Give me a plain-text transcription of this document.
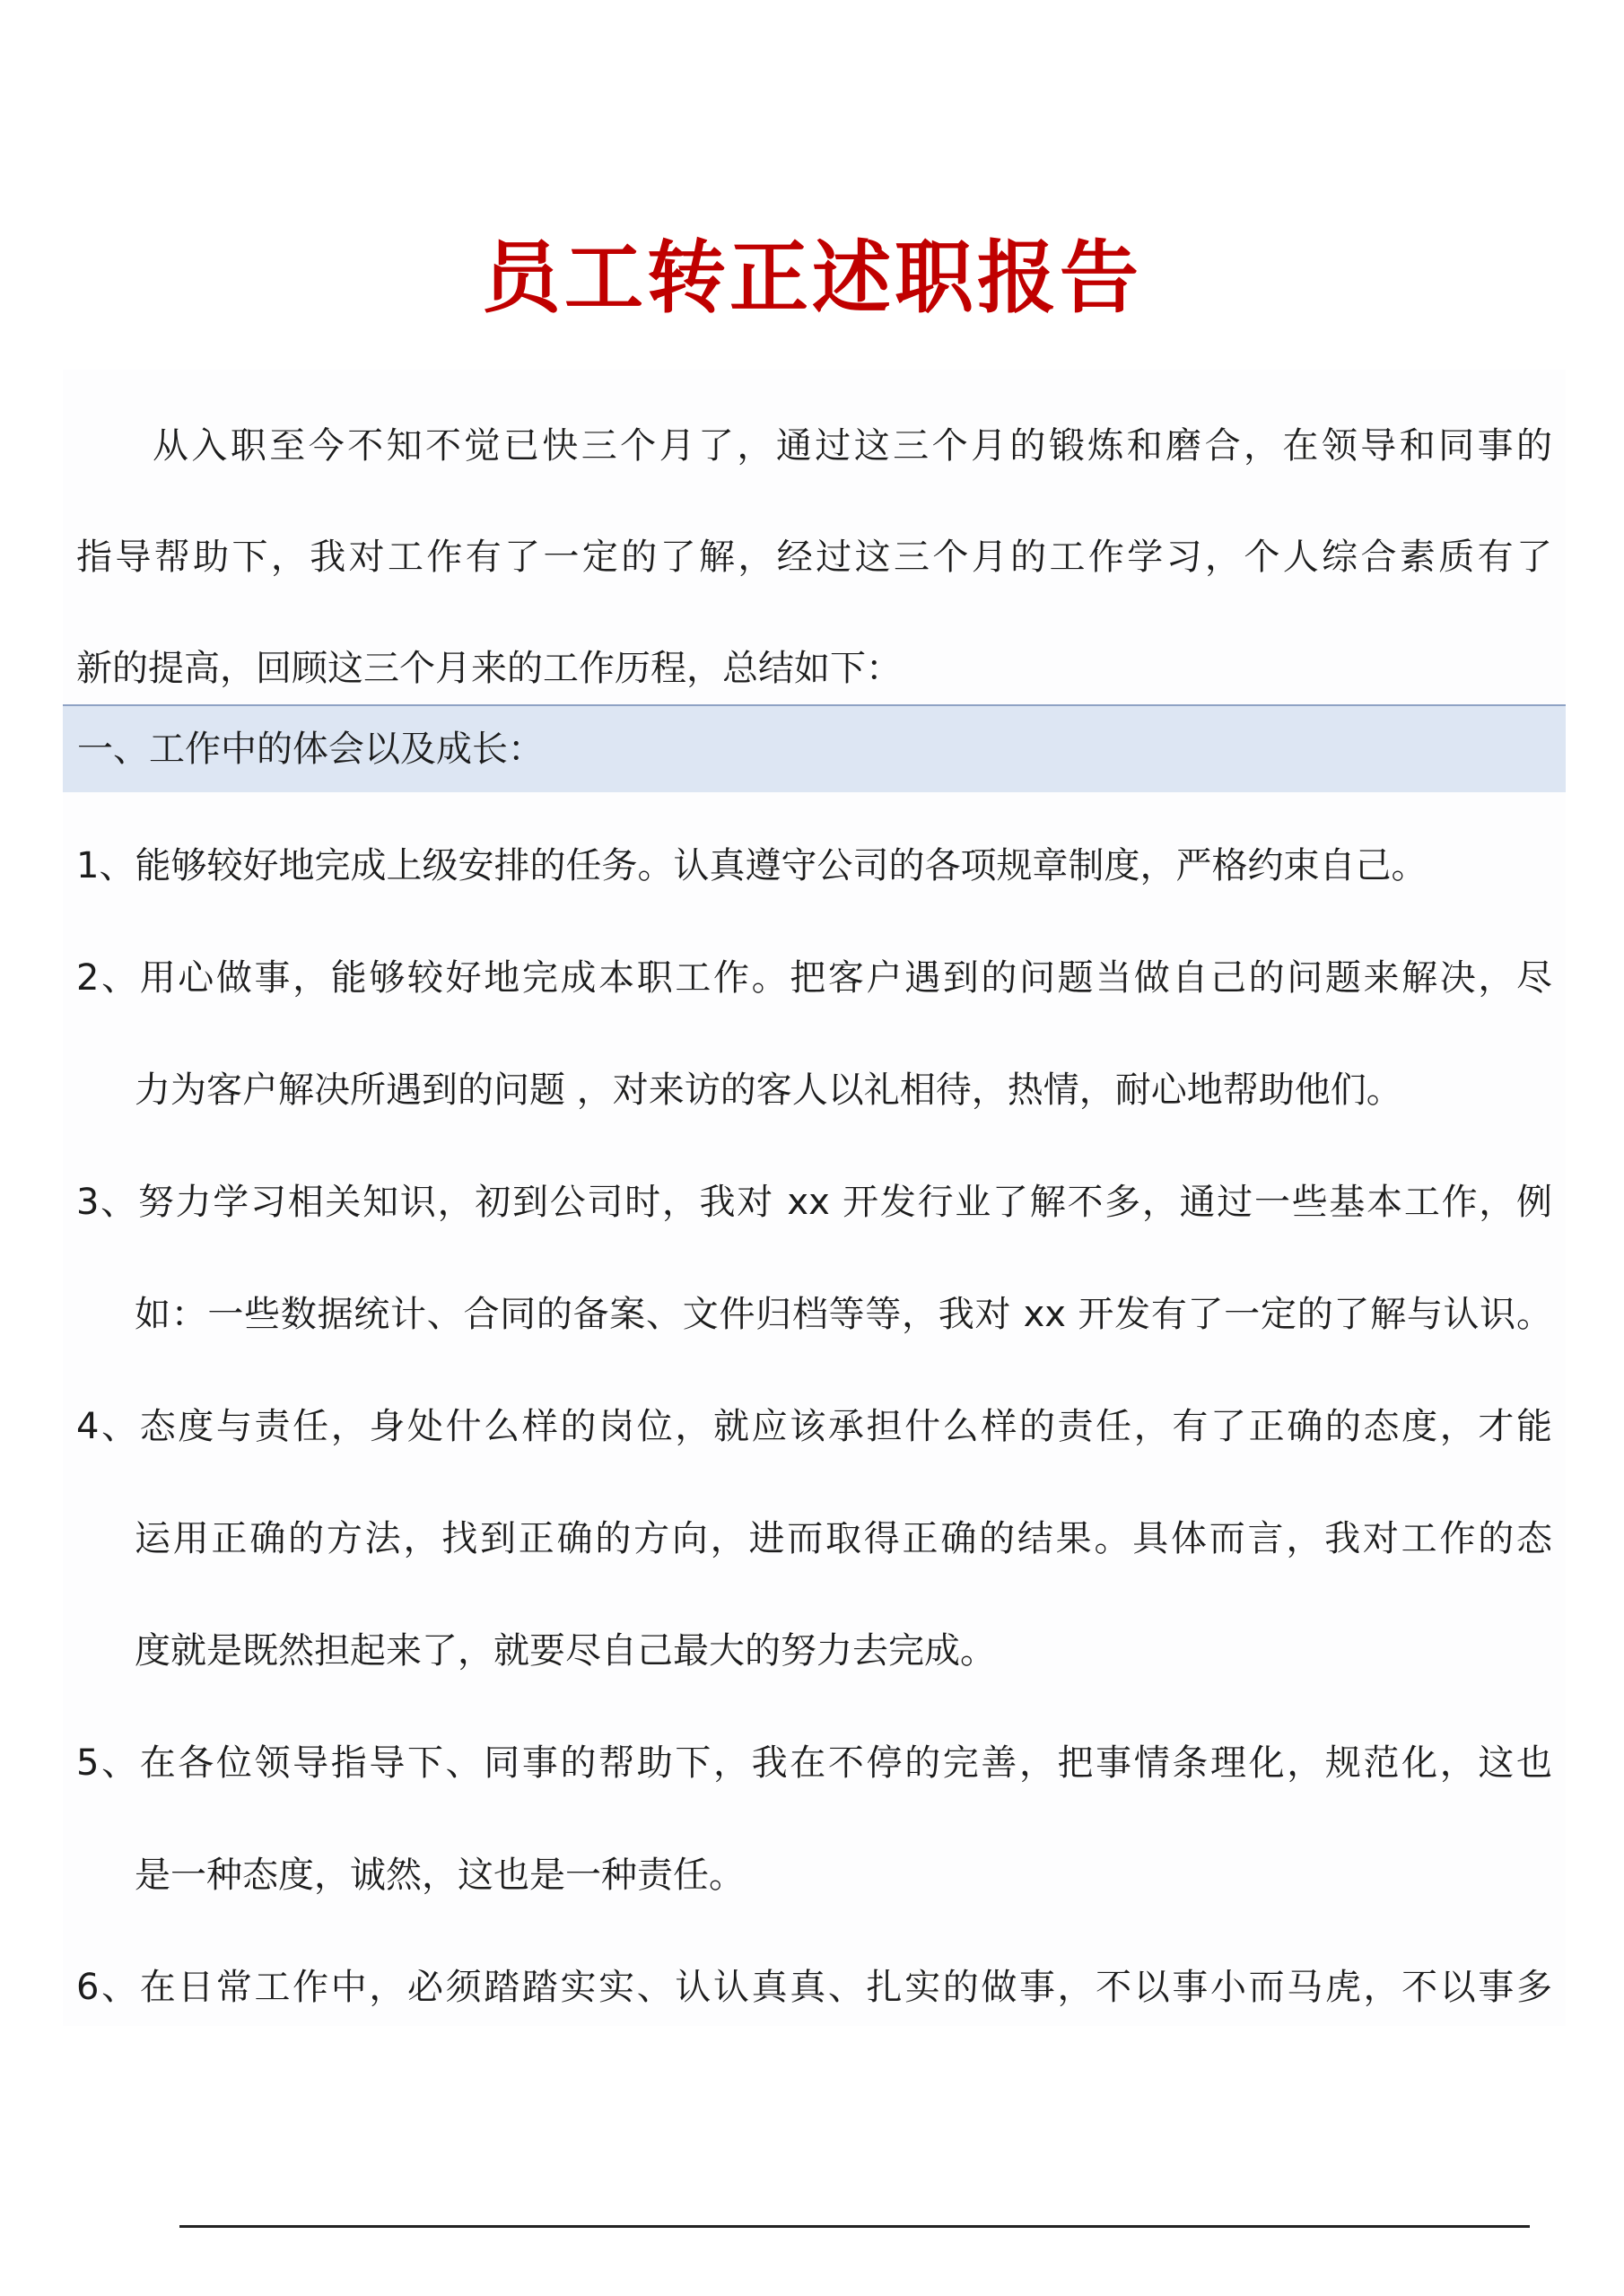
员工转正述职报告
从入职至今不知不觉已快三个月了，通过这三个月的锻炼和磨合，在领导和同事的
指导帮助下，我对工作有了一定的了解，经过这三个月的工作学习，个人综合素质有了
新的提高，回顾这三个月来的工作历程，总结如下：
一、工作中的体会以及成长：
1、能够较好地完成上级安排的任务。认真遵守公司的各项规章制度，严格约束自己。
2、用心做事，能够较好地完成本职工作。把客户遇到的问题当做自己的问题来解决，尽
力为客户解决所遇到的问题 ，对来访的客人以礼相待，热情，耐心地帮助他们。
3、努力学习相关知识，初到公司时，我对 xx 开发行业了解不多，通过一些基本工作，例
如：一些数据统计、合同的备案、文件归档等等，我对 xx 开发有了一定的了解与认识。
4、态度与责任，身处什么样的岗位，就应该承担什么样的责任，有了正确的态度，才能
运用正确的方法，找到正确的方向，进而取得正确的结果。具体而言，我对工作的态
度就是既然担起来了，就要尽自己最大的努力去完成。
5、在各位领导指导下、同事的帮助下，我在不停的完善，把事情条理化，规范化，这也
是一种态度，诚然，这也是一种责任。
6、在日常工作中，必须踏踏实实、认认真真、扎实的做事，不以事小而马虎，不以事多
